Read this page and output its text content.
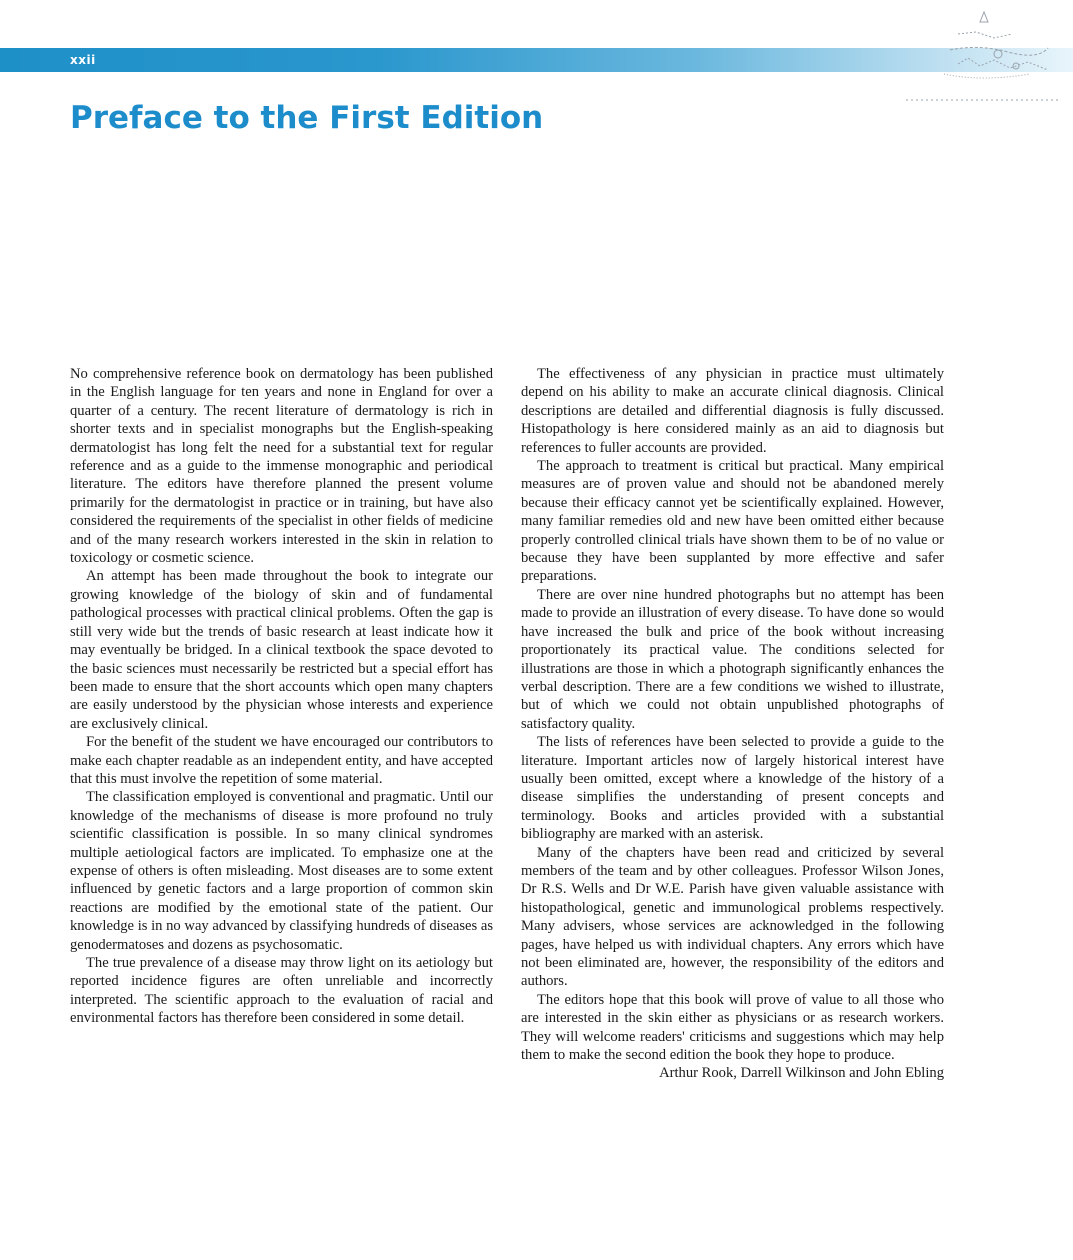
xxii
Preface to the First Edition

No comprehensive reference book on dermatology has been published in the English language for ten years and none in England for over a quarter of a century. The recent literature of dermatology is rich in shorter texts and in specialist monographs but the English-speaking dermatologist has long felt the need for a substantial text for regular reference and as a guide to the immense monographic and periodical literature. The editors have therefore planned the present volume primarily for the dermatologist in practice or in training, but have also considered the requirements of the specialist in other fields of medicine and of the many research workers interested in the skin in relation to toxicology or cosmetic science.

An attempt has been made throughout the book to integrate our growing knowledge of the biology of skin and of fundamental pathological processes with practical clinical problems. Often the gap is still very wide but the trends of basic research at least indicate how it may eventually be bridged. In a clinical textbook the space devoted to the basic sciences must necessarily be restricted but a special effort has been made to ensure that the short accounts which open many chapters are easily understood by the physician whose interests and experience are exclusively clinical.

For the benefit of the student we have encouraged our contributors to make each chapter readable as an independent entity, and have accepted that this must involve the repetition of some material.

The classification employed is conventional and pragmatic. Until our knowledge of the mechanisms of disease is more profound no truly scientific classification is possible. In so many clinical syndromes multiple aetiological factors are implicated. To emphasize one at the expense of others is often misleading. Most diseases are to some extent influenced by genetic factors and a large proportion of common skin reactions are modified by the emotional state of the patient. Our knowledge is in no way advanced by classifying hundreds of diseases as genodermatoses and dozens as psychosomatic.

The true prevalence of a disease may throw light on its aetiology but reported incidence figures are often unreliable and incorrectly interpreted. The scientific approach to the evaluation of racial and environmental factors has therefore been considered in some detail.

The effectiveness of any physician in practice must ultimately depend on his ability to make an accurate clinical diagnosis. Clinical descriptions are detailed and differential diagnosis is fully discussed. Histopathology is here considered mainly as an aid to diagnosis but references to fuller accounts are provided.

The approach to treatment is critical but practical. Many empirical measures are of proven value and should not be abandoned merely because their efficacy cannot yet be scientifically explained. However, many familiar remedies old and new have been omitted either because properly controlled clinical trials have shown them to be of no value or because they have been supplanted by more effective and safer preparations.

There are over nine hundred photographs but no attempt has been made to provide an illustration of every disease. To have done so would have increased the bulk and price of the book without increasing proportionately its practical value. The conditions selected for illustrations are those in which a photograph significantly enhances the verbal description. There are a few conditions we wished to illustrate, but of which we could not obtain unpublished photographs of satisfactory quality.

The lists of references have been selected to provide a guide to the literature. Important articles now of largely historical interest have usually been omitted, except where a knowledge of the history of a disease simplifies the understanding of present concepts and terminology. Books and articles provided with a substantial bibliography are marked with an asterisk.

Many of the chapters have been read and criticized by several members of the team and by other colleagues. Professor Wilson Jones, Dr R.S. Wells and Dr W.E. Parish have given valuable assistance with histopathological, genetic and immunological problems respectively. Many advisers, whose services are acknowledged in the following pages, have helped us with individual chapters. Any errors which have not been eliminated are, however, the responsibility of the editors and authors.

The editors hope that this book will prove of value to all those who are interested in the skin either as physicians or as research workers. They will welcome readers' criticisms and suggestions which may help them to make the second edition the book they hope to produce.

Arthur Rook, Darrell Wilkinson and John Ebling
